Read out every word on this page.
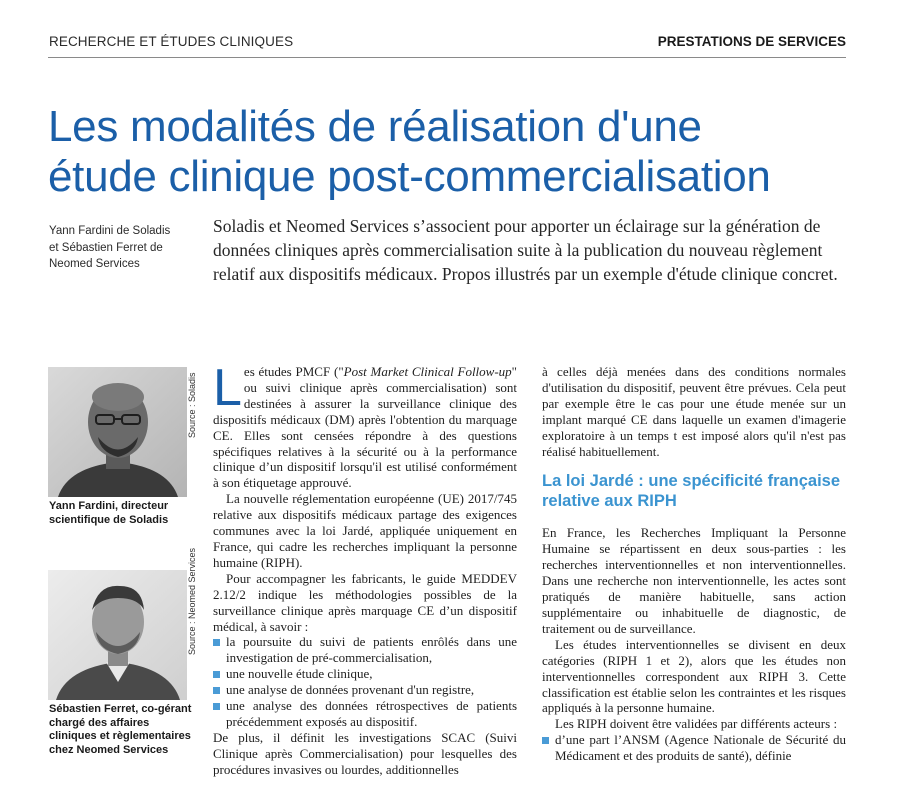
RECHERCHE ET ÉTUDES CLINIQUES	PRESTATIONS DE SERVICES
Les modalités de réalisation d'une
étude clinique post-commercialisation
Yann Fardini de Soladis
et Sébastien Ferret de
Neomed Services

Soladis et Neomed Services s’associent pour apporter un éclairage sur la génération de données cliniques après commercialisation suite à la publication du nouveau règlement relatif aux dispositifs médicaux. Propos illustrés par un exemple d'étude clinique concret.

Source : Soladis
Yann Fardini, directeur scientifique de Soladis
Source : Neomed Services
Sébastien Ferret, co-gérant chargé des affaires cliniques et règlementaires chez Neomed Services

Les études PMCF ("Post Market Clinical Follow-up" ou suivi clinique après commercialisation) sont destinées à assurer la surveillance clinique des dispositifs médicaux (DM) après l'obtention du marquage CE. Elles sont censées répondre à des questions spécifiques relatives à la sécurité ou à la performance clinique d’un dispositif lorsqu'il est utilisé conformément à son étiquetage approuvé.

La nouvelle réglementation européenne (UE) 2017/745 relative aux dispositifs médicaux partage des exigences communes avec la loi Jardé, appliquée uniquement en France, qui cadre les recherches impliquant la personne humaine (RIPH).

Pour accompagner les fabricants, le guide MEDDEV 2.12/2 indique les méthodologies possibles de la surveillance clinique après marquage CE d’un dispositif médical, à savoir :

la poursuite du suivi de patients enrôlés dans une investigation de pré-commercialisation,
une nouvelle étude clinique,
une analyse de données provenant d'un registre,
une analyse des données rétrospectives de patients précédemment exposés au dispositif.

De plus, il définit les investigations SCAC (Suivi Clinique après Commercialisation) pour lesquelles des procédures invasives ou lourdes, additionnelles

à celles déjà menées dans des conditions normales d'utilisation du dispositif, peuvent être prévues. Cela peut par exemple être le cas pour une étude menée sur un implant marqué CE dans laquelle un examen d'imagerie exploratoire à un temps t est imposé alors qu'il n'est pas réalisé habituellement.

La loi Jardé : une spécificité française relative aux RIPH

En France, les Recherches Impliquant la Personne Humaine se répartissent en deux sous-parties : les recherches interventionnelles et non interventionnelles. Dans une recherche non interventionnelle, les actes sont pratiqués de manière habituelle, sans action supplémentaire ou inhabituelle de diagnostic, de traitement ou de surveillance.

Les études interventionnelles se divisent en deux catégories (RIPH 1 et 2), alors que les études non interventionnelles correspondent aux RIPH 3. Cette classification est établie selon les contraintes et les risques appliqués à la personne humaine.

Les RIPH doivent être validées par différents acteurs :

d’une part l’ANSM (Agence Nationale de Sécurité du Médicament et des produits de santé), définie
